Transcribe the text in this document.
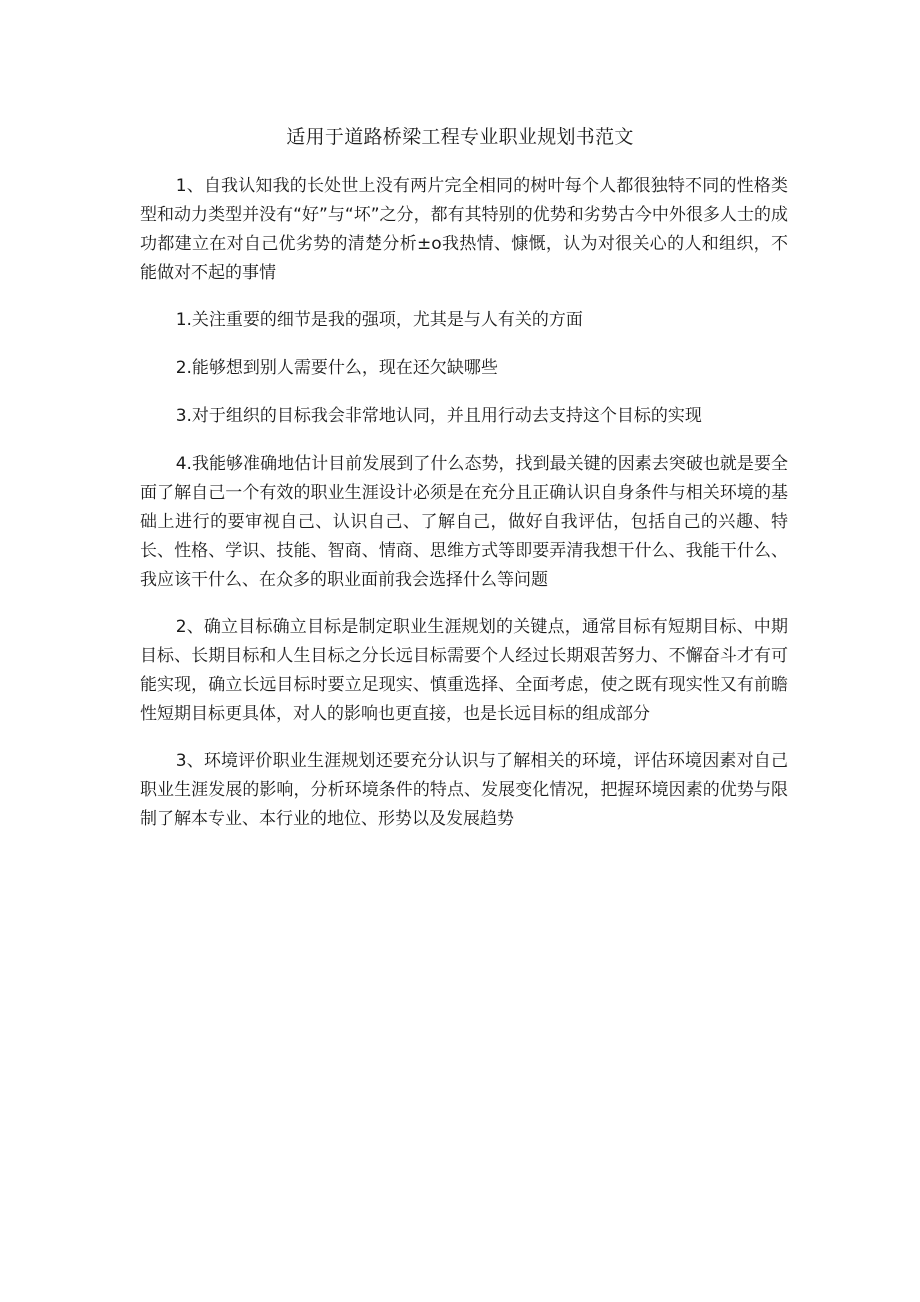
适用于道路桥梁工程专业职业规划书范文

1、自我认知我的长处世上没有两片完全相同的树叶每个人都很独特不同的性格类型和动力类型并没有“好”与“坏”之分，都有其特别的优势和劣势古今中外很多人士的成功都建立在对自己优劣势的清楚分析±o我热情、慷慨，认为对很关心的人和组织，不能做对不起的事情

1.关注重要的细节是我的强项，尤其是与人有关的方面

2.能够想到别人需要什么，现在还欠缺哪些

3.对于组织的目标我会非常地认同，并且用行动去支持这个目标的实现

4.我能够准确地估计目前发展到了什么态势，找到最关键的因素去突破也就是要全面了解自己一个有效的职业生涯设计必须是在充分且正确认识自身条件与相关环境的基础上进行的要审视自己、认识自己、了解自己，做好自我评估，包括自己的兴趣、特长、性格、学识、技能、智商、情商、思维方式等即要弄清我想干什么、我能干什么、我应该干什么、在众多的职业面前我会选择什么等问题

2、确立目标确立目标是制定职业生涯规划的关键点，通常目标有短期目标、中期目标、长期目标和人生目标之分长远目标需要个人经过长期艰苦努力、不懈奋斗才有可能实现，确立长远目标时要立足现实、慎重选择、全面考虑，使之既有现实性又有前瞻性短期目标更具体，对人的影响也更直接，也是长远目标的组成部分

3、环境评价职业生涯规划还要充分认识与了解相关的环境，评估环境因素对自己职业生涯发展的影响，分析环境条件的特点、发展变化情况，把握环境因素的优势与限制了解本专业、本行业的地位、形势以及发展趋势
